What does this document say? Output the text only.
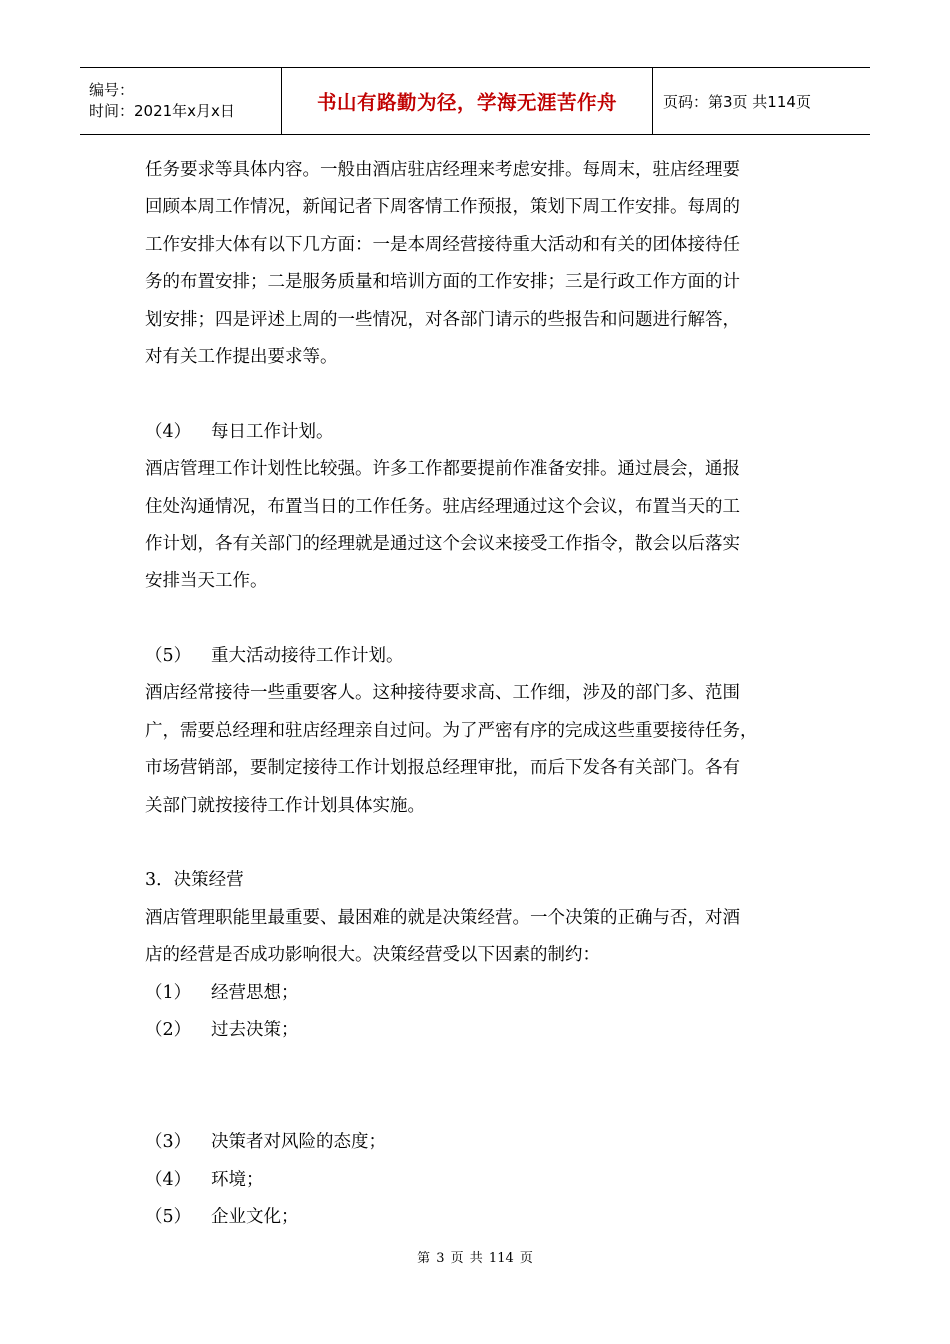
编号：
时间：2021年x月x日	书山有路勤为径，学海无涯苦作舟	页码：第3页 共114页
任务要求等具体内容。一般由酒店驻店经理来考虑安排。每周末，驻店经理要
回顾本周工作情况，新闻记者下周客情工作预报，策划下周工作安排。每周的
工作安排大体有以下几方面：一是本周经营接待重大活动和有关的团体接待任
务的布置安排；二是服务质量和培训方面的工作安排；三是行政工作方面的计
划安排；四是评述上周的一些情况，对各部门请示的些报告和问题进行解答，
对有关工作提出要求等。
（4） 每日工作计划。
酒店管理工作计划性比较强。许多工作都要提前作准备安排。通过晨会，通报
住处沟通情况，布置当日的工作任务。驻店经理通过这个会议，布置当天的工
作计划，各有关部门的经理就是通过这个会议来接受工作指令，散会以后落实
安排当天工作。
（5） 重大活动接待工作计划。
酒店经常接待一些重要客人。这种接待要求高、工作细，涉及的部门多、范围
广，需要总经理和驻店经理亲自过问。为了严密有序的完成这些重要接待任务，
市场营销部，要制定接待工作计划报总经理审批，而后下发各有关部门。各有
关部门就按接待工作计划具体实施。
3．决策经营
酒店管理职能里最重要、最困难的就是决策经营。一个决策的正确与否，对酒
店的经营是否成功影响很大。决策经营受以下因素的制约：
（1） 经营思想；
（2） 过去决策；
（3） 决策者对风险的态度；
（4） 环境；
（5） 企业文化；
第 3 页 共 114 页
